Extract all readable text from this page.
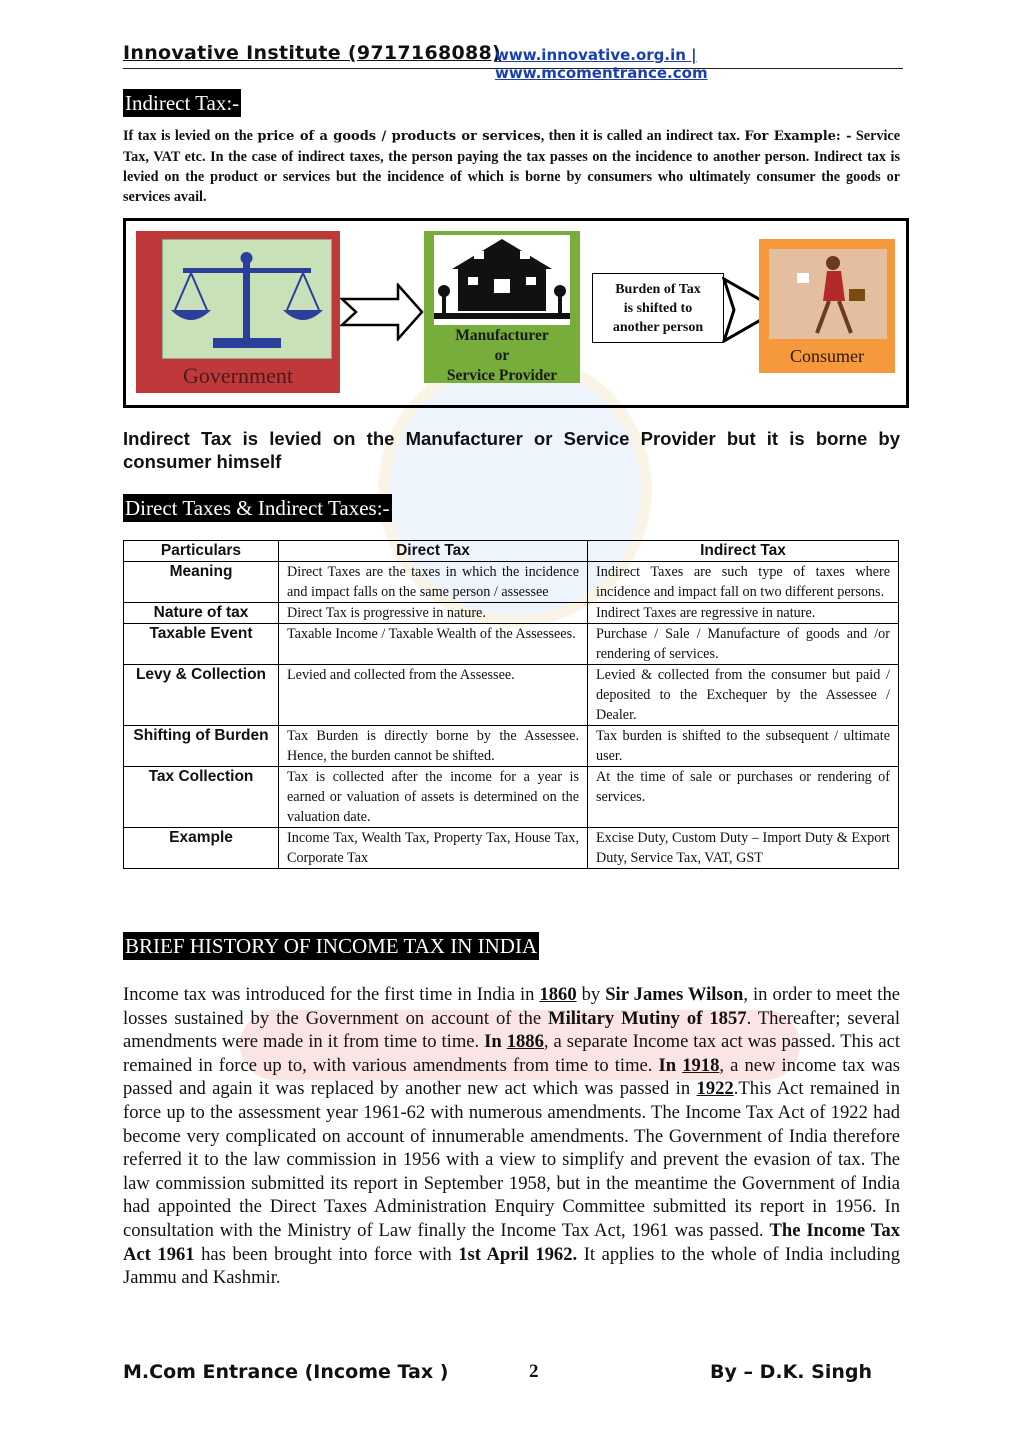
Innovative Institute (9717168088)
www.innovative.org.in | www.mcomentrance.com
Indirect Tax:-
If tax is levied on the price of a goods / products or services, then it is called an indirect tax. For Example: - Service Tax, VAT etc. In the case of indirect taxes, the person paying the tax passes on the incidence to another person. Indirect tax is levied on the product or services but the incidence of which is borne by consumers who ultimately consumer the goods or services avail.
Government
Manufacturer
or
Service Provider
Burden of Tax
is shifted to
another person
Consumer
Indirect Tax is levied on the Manufacturer or Service Provider but it is borne by consumer himself
Direct Taxes & Indirect Taxes:-
Particulars	Direct Tax	Indirect Tax
Meaning	Direct Taxes are the taxes in which the incidence and impact falls on the same person / assessee	Indirect Taxes are such type of taxes where incidence and impact fall on two different persons.
Nature of tax	Direct Tax is progressive in nature.	Indirect Taxes are regressive in nature.
Taxable Event	Taxable Income / Taxable Wealth of the Assessees.	Purchase / Sale / Manufacture of goods and /or rendering of services.
Levy & Collection	Levied and collected from the Assessee.	Levied & collected from the consumer but paid / deposited to the Exchequer by the Assessee / Dealer.
Shifting of Burden	Tax Burden is directly borne by the Assessee. Hence, the burden cannot be shifted.	Tax burden is shifted to the subsequent / ultimate user.
Tax Collection	Tax is collected after the income for a year is earned or valuation of assets is determined on the valuation date.	At the time of sale or purchases or rendering of services.
Example	Income Tax, Wealth Tax, Property Tax, House Tax, Corporate Tax	Excise Duty, Custom Duty – Import Duty & Export Duty, Service Tax, VAT, GST
BRIEF HISTORY OF INCOME TAX IN INDIA
Income tax was introduced for the first time in India in 1860 by Sir James Wilson, in order to meet the losses sustained by the Government on account of the Military Mutiny of 1857. Thereafter; several amendments were made in it from time to time. In 1886, a separate Income tax act was passed. This act remained in force up to, with various amendments from time to time. In 1918, a new income tax was passed and again it was replaced by another new act which was passed in 1922.This Act remained in force up to the assessment year 1961-62 with numerous amendments. The Income Tax Act of 1922 had become very complicated on account of innumerable amendments. The Government of India therefore referred it to the law commission in 1956 with a view to simplify and prevent the evasion of tax. The law commission submitted its report in September 1958, but in the meantime the Government of India had appointed the Direct Taxes Administration Enquiry Committee submitted its report in 1956. In consultation with the Ministry of Law finally the Income Tax Act, 1961 was passed. The Income Tax Act 1961 has been brought into force with 1st April 1962. It applies to the whole of India including Jammu and Kashmir.
M.Com Entrance (Income Tax )	2	By – D.K. Singh
